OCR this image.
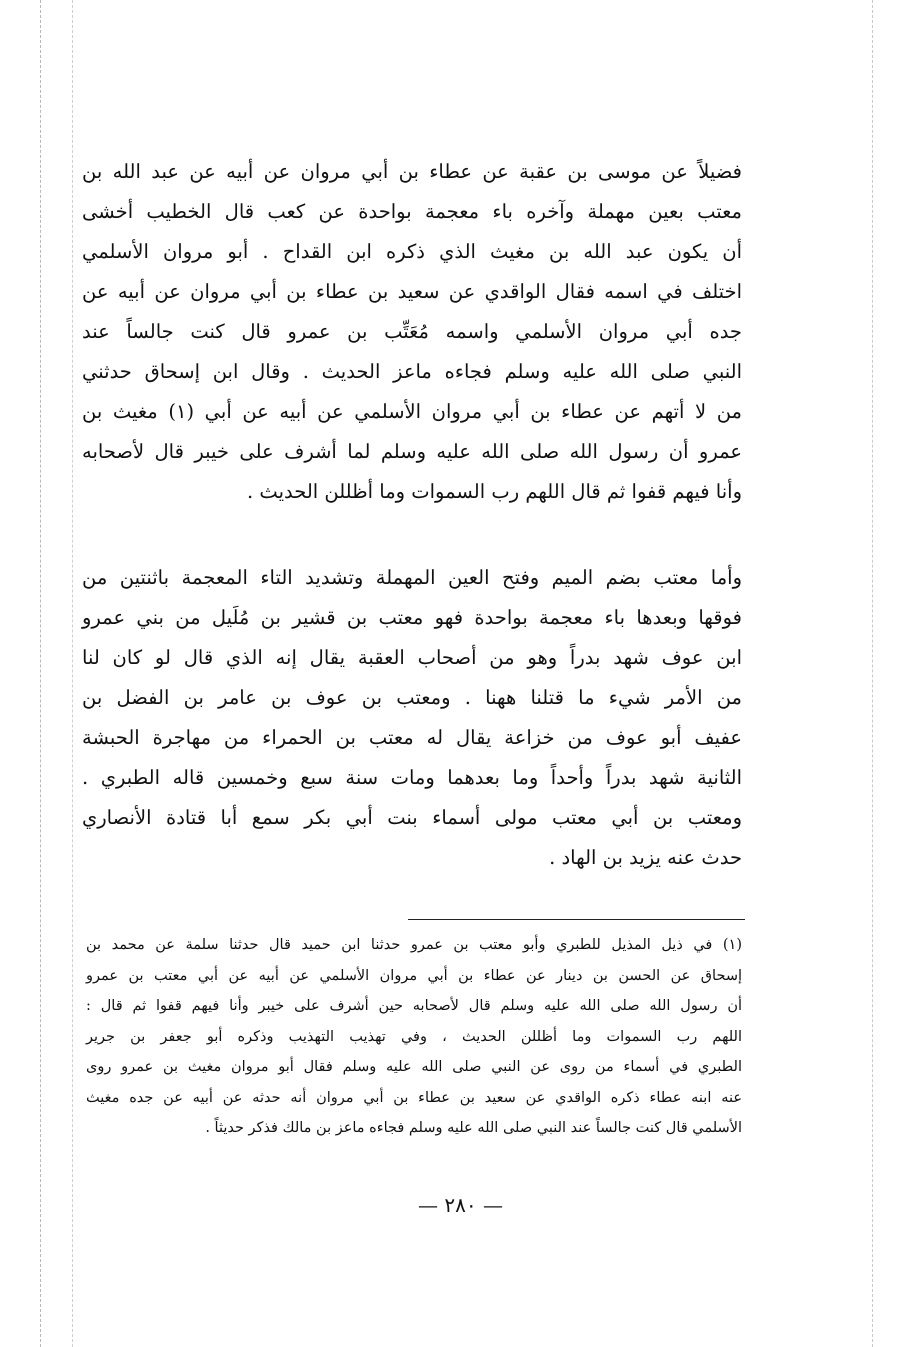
فضيلاً عن موسى بن عقبة عن عطاء بن أبي مروان عن أبيه عن عبد الله بن
معتب بعين مهملة وآخره باء معجمة بواحدة عن كعب قال الخطيب أخشى
أن يكون عبد الله بن مغيث الذي ذكره ابن القداح . أبو مروان الأسلمي
اختلف في اسمه فقال الواقدي عن سعيد بن عطاء بن أبي مروان عن أبيه عن
جده أبي مروان الأسلمي واسمه مُعَتِّب بن عمرو قال كنت جالساً عند
النبي صلى الله عليه وسلم فجاءه ماعز الحديث . وقال ابن إسحاق حدثني
من لا أتهم عن عطاء بن أبي مروان الأسلمي عن أبيه عن أبي (١) مغيث بن
عمرو أن رسول الله صلى الله عليه وسلم لما أشرف على خيبر قال لأصحابه
وأنا فيهم قفوا ثم قال اللهم رب السموات وما أظللن الحديث .
وأما معتب بضم الميم وفتح العين المهملة وتشديد التاء المعجمة باثنتين من
فوقها وبعدها باء معجمة بواحدة فهو معتب بن قشير بن مُلَيل من بني عمرو
ابن عوف شهد بدراً وهو من أصحاب العقبة يقال إنه الذي قال لو كان لنا
من الأمر شيء ما قتلنا ههنا . ومعتب بن عوف بن عامر بن الفضل بن
عفيف أبو عوف من خزاعة يقال له معتب بن الحمراء من مهاجرة الحبشة
الثانية شهد بدراً وأحداً وما بعدهما ومات سنة سبع وخمسين قاله الطبري .
ومعتب بن أبي معتب مولى أسماء بنت أبي بكر سمع أبا قتادة الأنصاري
حدث عنه يزيد بن الهاد .
(١) في ذيل المذيل للطبري وأبو معتب بن عمرو حدثنا ابن حميد قال حدثنا سلمة عن محمد بن
إسحاق عن الحسن بن دينار عن عطاء بن أبي مروان الأسلمي عن أبيه عن أبي معتب بن عمرو
أن رسول الله صلى الله عليه وسلم قال لأصحابه حين أشرف على خيبر وأنا فيهم قفوا ثم قال :
اللهم رب السموات وما أظللن الحديث ، وفي تهذيب التهذيب وذكره أبو جعفر بن جرير
الطبري في أسماء من روى عن النبي صلى الله عليه وسلم فقال أبو مروان مغيث بن عمرو روى
عنه ابنه عطاء ذكره الواقدي عن سعيد بن عطاء بن أبي مروان أنه حدثه عن أبيه عن جده مغيث
الأسلمي قال كنت جالساً عند النبي صلى الله عليه وسلم فجاءه ماعز بن مالك فذكر حديثاً .
— ٢٨٠ —
